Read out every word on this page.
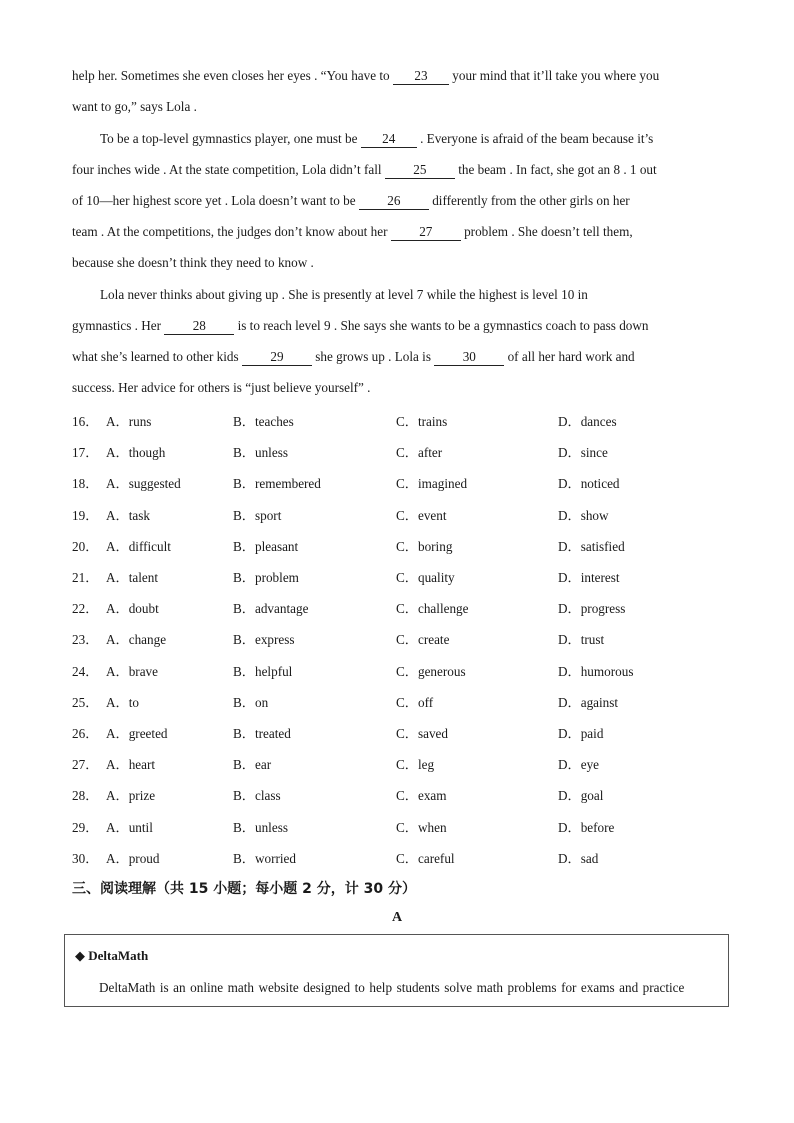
help her. Sometimes she even closes her eyes . “You have to 23 your mind that it’ll take you where you
want to go,” says Lola .
To be a top-level gymnastics player, one must be 24 . Everyone is afraid of the beam because it’s
four inches wide . At the state competition, Lola didn’t fall 25 the beam . In fact, she got an 8 . 1 out
of 10—her highest score yet . Lola doesn’t want to be 26 differently from the other girls on her
team . At the competitions, the judges don’t know about her 27 problem . She doesn’t tell them,
because she doesn’t think they need to know .
Lola never thinks about giving up . She is presently at level 7 while the highest is level 10 in
gymnastics . Her 28 is to reach level 9 . She says she wants to be a gymnastics coach to pass down
what she’s learned to other kids 29 she grows up . Lola is 30 of all her hard work and
success. Her advice for others is “just believe yourself” .
16． A．runs	B．teaches	C．trains	D．dances
17． A．though	B．unless	C．after	D．since
18． A．suggested	B．remembered	C．imagined	D．noticed
19． A．task	B．sport	C．event	D．show
20． A．difficult	B．pleasant	C．boring	D．satisfied
21． A．talent	B．problem	C．quality	D．interest
22． A．doubt	B．advantage	C．challenge	D．progress
23． A．change	B．express	C．create	D．trust
24． A．brave	B．helpful	C．generous	D．humorous
25． A．to	B．on	C．off	D．against
26． A．greeted	B．treated	C．saved	D．paid
27． A．heart	B．ear	C．leg	D．eye
28． A．prize	B．class	C．exam	D．goal
29． A．until	B．unless	C．when	D．before
30． A．proud	B．worried	C．careful	D．sad
三、阅读理解（共 15 小题；每小题 2 分，计 30 分）
A
◆ DeltaMath
DeltaMath is an online math website designed to help students solve math problems for exams and practice
